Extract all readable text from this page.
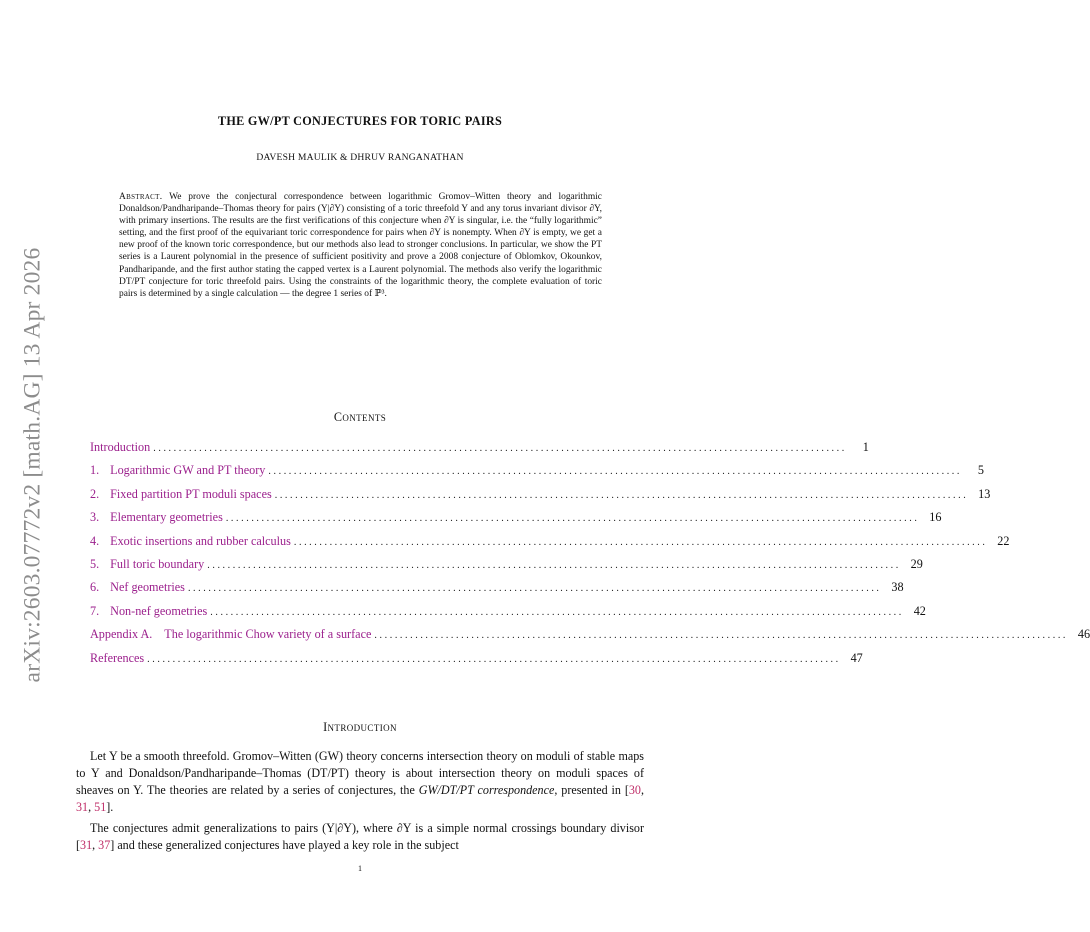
arXiv:2603.07772v2 [math.AG] 13 Apr 2026
THE GW/PT CONJECTURES FOR TORIC PAIRS
DAVESH MAULIK & DHRUV RANGANATHAN
Abstract. We prove the conjectural correspondence between logarithmic Gromov–Witten theory and logarithmic Donaldson/Pandharipande–Thomas theory for pairs (Y|∂Y) consisting of a toric threefold Y and any torus invariant divisor ∂Y, with primary insertions. The results are the first verifications of this conjecture when ∂Y is singular, i.e. the “fully logarithmic” setting, and the first proof of the equivariant toric correspondence for pairs when ∂Y is nonempty. When ∂Y is empty, we get a new proof of the known toric correspondence, but our methods also lead to stronger conclusions. In particular, we show the PT series is a Laurent polynomial in the presence of sufficient positivity and prove a 2008 conjecture of Oblomkov, Okounkov, Pandharipande, and the first author stating the capped vertex is a Laurent polynomial. The methods also verify the logarithmic DT/PT conjecture for toric threefold pairs. Using the constraints of the logarithmic theory, the complete evaluation of toric pairs is determined by a single calculation — the degree 1 series of ℙ³.
Contents
Introduction ........................................................................................................................................	1
1. Logarithmic GW and PT theory ........................................................................................................................................	5
2. Fixed partition PT moduli spaces ........................................................................................................................................ 13
3. Elementary geometries ........................................................................................................................................ 16
4. Exotic insertions and rubber calculus ........................................................................................................................................ 22
5. Full toric boundary ........................................................................................................................................ 29
6. Nef geometries ........................................................................................................................................ 38
7. Non-nef geometries ........................................................................................................................................ 42
Appendix A. The logarithmic Chow variety of a surface ........................................................................................................................................ 46
References ........................................................................................................................................ 47
Introduction

Let Y be a smooth threefold. Gromov–Witten (GW) theory concerns intersection theory on moduli of stable maps to Y and Donaldson/Pandharipande–Thomas (DT/PT) theory is about intersection theory on moduli spaces of sheaves on Y. The theories are related by a series of conjectures, the GW/DT/PT correspondence, presented in [30, 31, 51].

The conjectures admit generalizations to pairs (Y|∂Y), where ∂Y is a simple normal crossings boundary divisor [31, 37] and these generalized conjectures have played a key role in the subject

1
